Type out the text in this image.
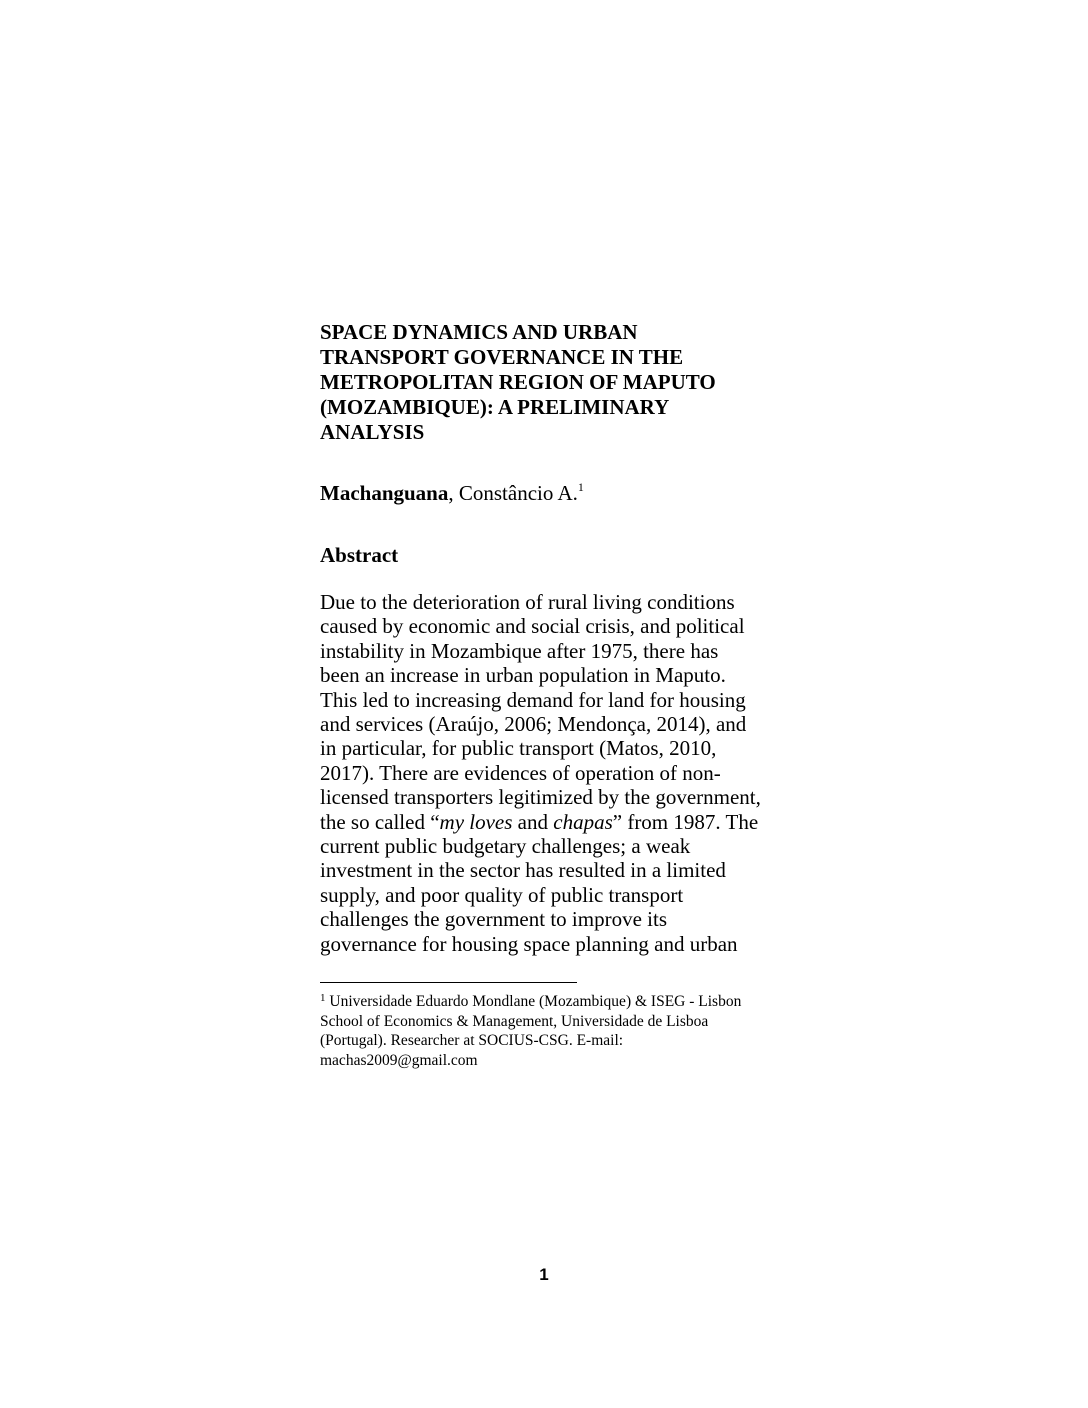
SPACE DYNAMICS AND URBAN
TRANSPORT GOVERNANCE IN THE
METROPOLITAN REGION OF MAPUTO
(MOZAMBIQUE): A PRELIMINARY
ANALYSIS
Machanguana, Constâncio A.$^1$
Abstract
Due to the deterioration of rural living conditions
caused by economic and social crisis, and political
instability in Mozambique after 1975, there has
been an increase in urban population in Maputo.
This led to increasing demand for land for housing
and services (Araújo, 2006; Mendonça, 2014), and
in particular, for public transport (Matos, 2010,
2017). There are evidences of operation of non-
licensed transporters legitimized by the government,
the so called “my loves and chapas” from 1987. The
current public budgetary challenges; a weak
investment in the sector has resulted in a limited
supply, and poor quality of public transport
challenges the government to improve its
governance for housing space planning and urban
$^1$ Universidade Eduardo Mondlane (Mozambique) & ISEG - Lisbon
School of Economics & Management, Universidade de Lisboa
(Portugal). Researcher at SOCIUS-CSG. E-mail:
machas2009@gmail.com
1
